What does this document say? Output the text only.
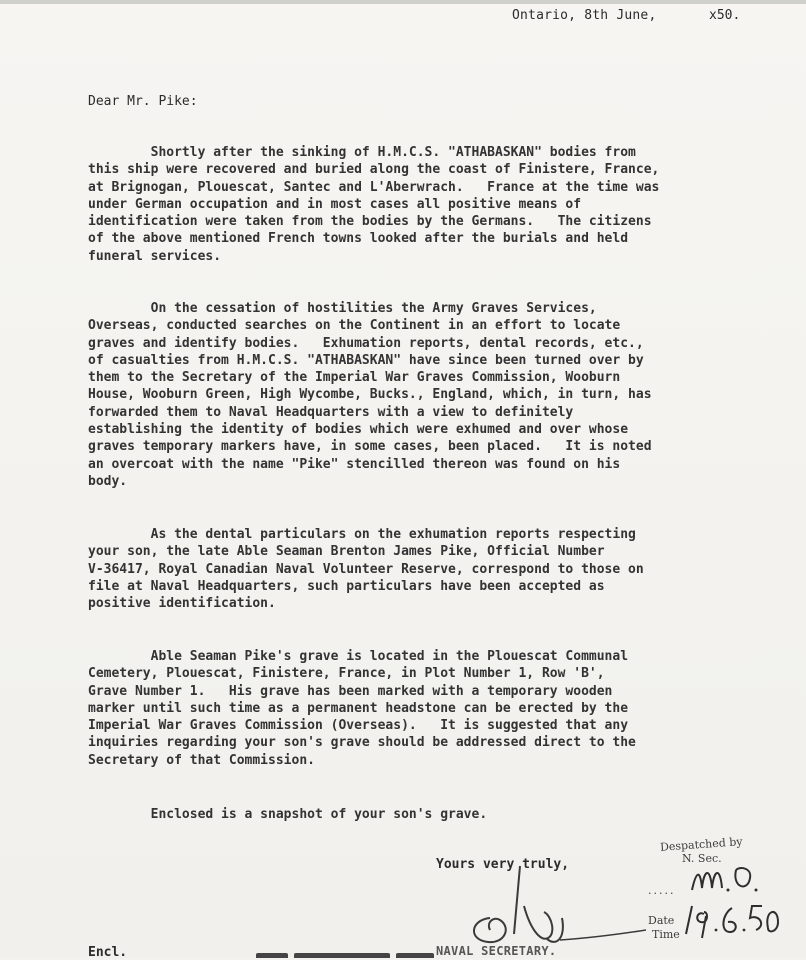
Ontario, 8th June,	x50.
Dear Mr. Pike:

Shortly after the sinking of H.M.C.S. "ATHABASKAN" bodies from
this ship were recovered and buried along the coast of Finistere, France,
at Brignogan, Plouescat, Santec and L'Aberwrach.   France at the time was
under German occupation and in most cases all positive means of
identification were taken from the bodies by the Germans.   The citizens
of the above mentioned French towns looked after the burials and held
funeral services.

On the cessation of hostilities the Army Graves Services,
Overseas, conducted searches on the Continent in an effort to locate
graves and identify bodies.   Exhumation reports, dental records, etc.,
of casualties from H.M.C.S. "ATHABASKAN" have since been turned over by
them to the Secretary of the Imperial War Graves Commission, Wooburn
House, Wooburn Green, High Wycombe, Bucks., England, which, in turn, has
forwarded them to Naval Headquarters with a view to definitely
establishing the identity of bodies which were exhumed and over whose
graves temporary markers have, in some cases, been placed.   It is noted
an overcoat with the name "Pike" stencilled thereon was found on his
body.

As the dental particulars on the exhumation reports respecting
your son, the late Able Seaman Brenton James Pike, Official Number
V-36417, Royal Canadian Naval Volunteer Reserve, correspond to those on
file at Naval Headquarters, such particulars have been accepted as
positive identification.

Able Seaman Pike's grave is located in the Plouescat Communal
Cemetery, Plouescat, Finistere, France, in Plot Number 1, Row 'B',
Grave Number 1.   His grave has been marked with a temporary wooden
marker until such time as a permanent headstone can be erected by the
Imperial War Graves Commission (Overseas).   It is suggested that any
inquiries regarding your son's grave should be addressed direct to the
Secretary of that Commission.

Enclosed is a snapshot of your son's grave.

Yours very truly,
NAVAL SECRETARY.
Encl.
Despatched by
N. Sec.
.....
Date
Time
